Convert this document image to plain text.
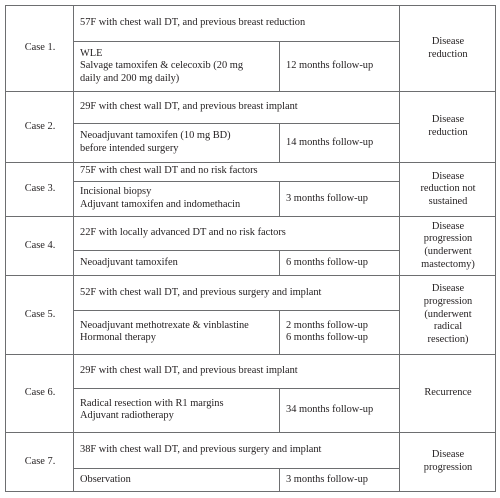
Case 1.	57F with chest wall DT, and previous breast reduction		Disease
reduction

	WLE
Salvage tamoxifen & celecoxib (20 mg
daily and 200 mg daily)	12 months follow-up	

Case 2.	29F with chest wall DT, and previous breast implant		Disease
reduction

	Neoadjuvant tamoxifen (10 mg BD)
before intended surgery	14 months follow-up	

Case 3.	75F with chest wall DT and no risk factors		Disease
reduction not
sustained

	Incisional biopsy
Adjuvant tamoxifen and indomethacin	3 months follow-up	

Case 4.	22F with locally advanced DT and no risk factors		Disease
progression
(underwent
mastectomy)

	Neoadjuvant tamoxifen	6 months follow-up	

Case 5.	52F with chest wall DT, and previous surgery and implant		Disease
progression
(underwent
radical
resection)

	Neoadjuvant methotrexate & vinblastine
Hormonal therapy	2 months follow-up
6 months follow-up	

Case 6.	29F with chest wall DT, and previous breast implant		Recurrence

	Radical resection with R1 margins
Adjuvant radiotherapy	34 months follow-up	

Case 7.	38F with chest wall DT, and previous surgery and implant		Disease
progression

	Observation	3 months follow-up	
